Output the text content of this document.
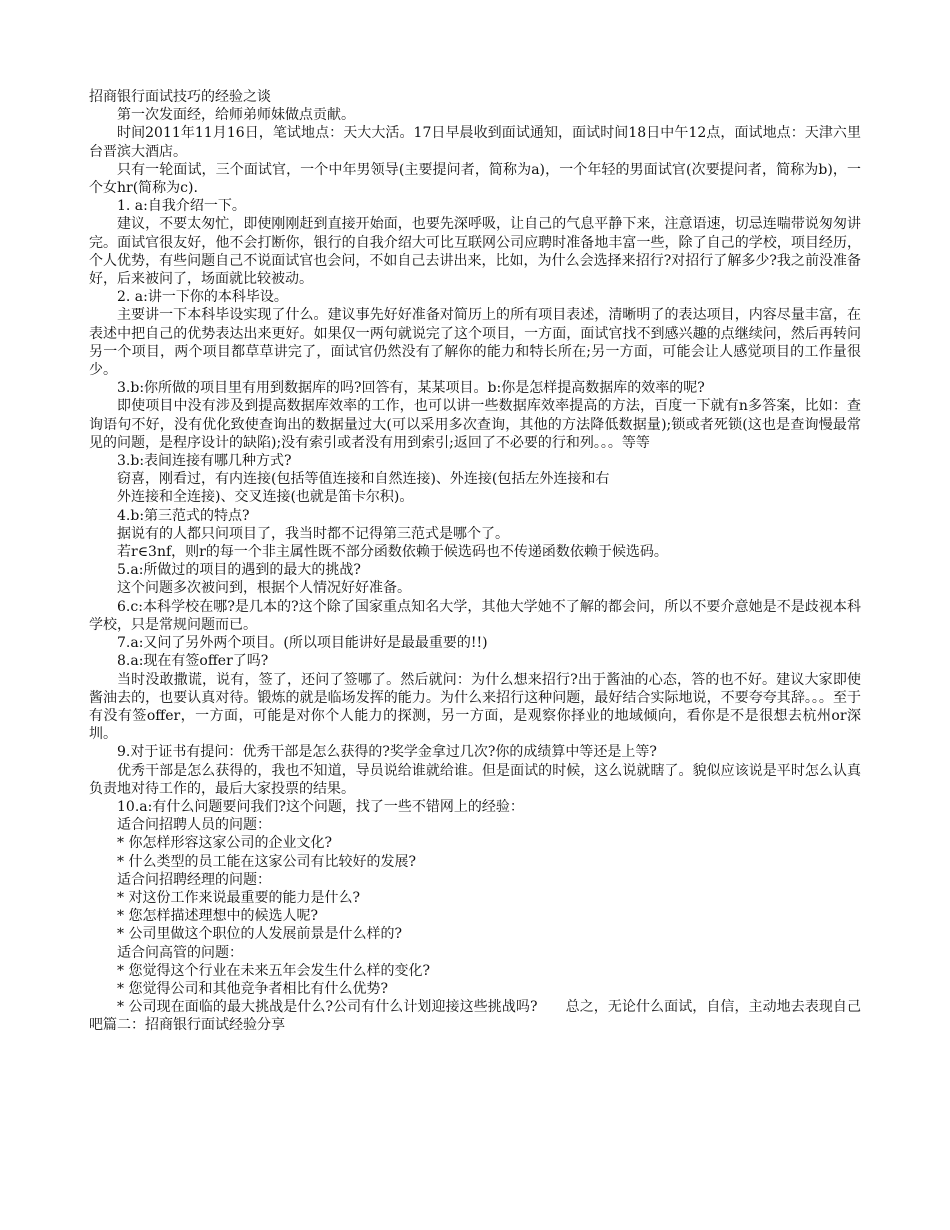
招商银行面试技巧的经验之谈

第一次发面经，给师弟师妹做点贡献。

时间2011年11月16日，笔试地点：天大大活。17日早晨收到面试通知，面试时间18日中午12点，面试地点：天津六里台晋滨大酒店。

只有一轮面试，三个面试官，一个中年男领导(主要提问者，简称为a)，一个年轻的男面试官(次要提问者，简称为b)，一个女hr(简称为c).

1. a:自我介绍一下。

建议，不要太匆忙，即使刚刚赶到直接开始面，也要先深呼吸，让自己的气息平静下来，注意语速，切忌连喘带说匆匆讲完。面试官很友好，他不会打断你，银行的自我介绍大可比互联网公司应聘时准备地丰富一些，除了自己的学校，项目经历，个人优势，有些问题自己不说面试官也会问，不如自己去讲出来，比如，为什么会选择来招行?对招行了解多少?我之前没准备好，后来被问了，场面就比较被动。

2. a:讲一下你的本科毕设。

主要讲一下本科毕设实现了什么。建议事先好好准备对简历上的所有项目表述，清晰明了的表达项目，内容尽量丰富，在表述中把自己的优势表达出来更好。如果仅一两句就说完了这个项目，一方面，面试官找不到感兴趣的点继续问，然后再转问另一个项目，两个项目都草草讲完了，面试官仍然没有了解你的能力和特长所在;另一方面，可能会让人感觉项目的工作量很少。

3.b:你所做的项目里有用到数据库的吗?回答有，某某项目。b:你是怎样提高数据库的效率的呢?

即使项目中没有涉及到提高数据库效率的工作，也可以讲一些数据库效率提高的方法，百度一下就有n多答案，比如：查询语句不好，没有优化致使查询出的数据量过大(可以采用多次查询，其他的方法降低数据量);锁或者死锁(这也是查询慢最常见的问题，是程序设计的缺陷);没有索引或者没有用到索引;返回了不必要的行和列。。。等等

3.b:表间连接有哪几种方式?

窃喜，刚看过，有内连接(包括等值连接和自然连接)、外连接(包括左外连接和右

外连接和全连接)、交叉连接(也就是笛卡尔积)。

4.b:第三范式的特点?

据说有的人都只问项目了，我当时都不记得第三范式是哪个了。

若r∈3nf，则r的每一个非主属性既不部分函数依赖于候选码也不传递函数依赖于候选码。

5.a:所做过的项目的遇到的最大的挑战?

这个问题多次被问到，根据个人情况好好准备。

6.c:本科学校在哪?是几本的?这个除了国家重点知名大学，其他大学她不了解的都会问，所以不要介意她是不是歧视本科学校，只是常规问题而已。

7.a:又问了另外两个项目。(所以项目能讲好是最最重要的!!)

8.a:现在有签offer了吗?

当时没敢撒谎，说有，签了，还问了签哪了。然后就问：为什么想来招行?出于酱油的心态，答的也不好。建议大家即使酱油去的，也要认真对待。锻炼的就是临场发挥的能力。为什么来招行这种问题，最好结合实际地说，不要夸夸其辞。。。至于有没有签offer，一方面，可能是对你个人能力的探测，另一方面，是观察你择业的地域倾向，看你是不是很想去杭州or深圳。

9.对于证书有提问：优秀干部是怎么获得的?奖学金拿过几次?你的成绩算中等还是上等?

优秀干部是怎么获得的，我也不知道，导员说给谁就给谁。但是面试的时候，这么说就瞎了。貌似应该说是平时怎么认真负责地对待工作的，最后大家投票的结果。

10.a:有什么问题要问我们?这个问题，找了一些不错网上的经验：

适合问招聘人员的问题：

* 你怎样形容这家公司的企业文化?

* 什么类型的员工能在这家公司有比较好的发展?

适合问招聘经理的问题：

* 对这份工作来说最重要的能力是什么?

* 您怎样描述理想中的候选人呢?

* 公司里做这个职位的人发展前景是什么样的?

适合问高管的问题：

* 您觉得这个行业在未来五年会发生什么样的变化?

* 您觉得公司和其他竞争者相比有什么优势?

* 公司现在面临的最大挑战是什么?公司有什么计划迎接这些挑战吗?　　总之，无论什么面试，自信，主动地去表现自己吧篇二：招商银行面试经验分享
